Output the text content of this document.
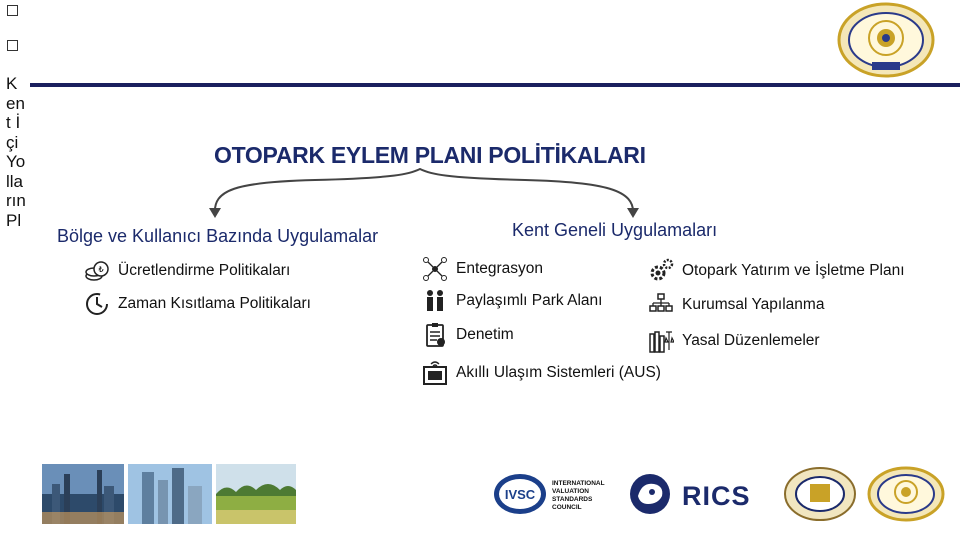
Kent İçi Yolların Pl
OTOPARK EYLEM PLANI POLİTİKALARI
Bölge ve Kullanıcı Bazında Uygulamalar	Kent Geneli Uygulamaları
₺ Ücretlendirme Politikaları
Zaman Kısıtlama Politikaları
Entegrasyon
Paylaşımlı Park Alanı
Denetim
Akıllı Ulaşım Sistemleri (AUS)
Otopark Yatırım ve İşletme Planı
Kurumsal Yapılanma
Yasal Düzenlemeler
IVSC
INTERNATIONAL
VALUATION
STANDARDS
COUNCIL	RICS
